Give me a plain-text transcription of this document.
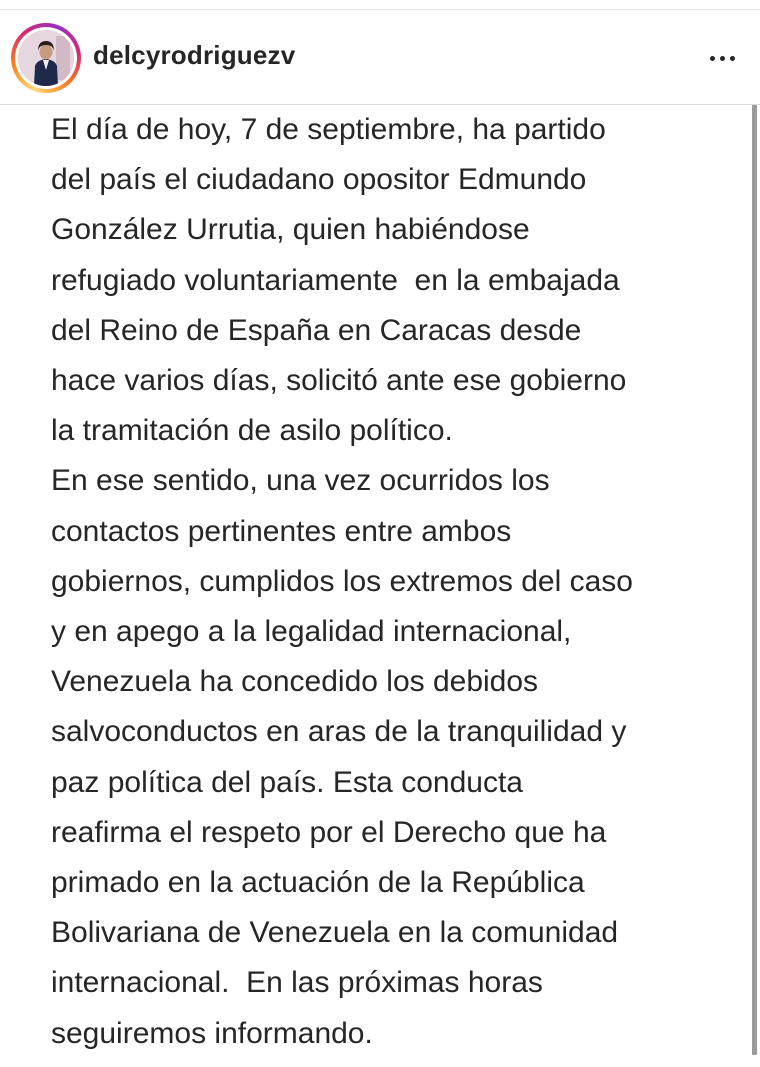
delcyrodriguezv
El día de hoy, 7 de septiembre, ha partido
del país el ciudadano opositor Edmundo
González Urrutia, quien habiéndose
refugiado voluntariamente  en la embajada
del Reino de España en Caracas desde
hace varios días, solicitó ante ese gobierno
la tramitación de asilo político.
En ese sentido, una vez ocurridos los
contactos pertinentes entre ambos
gobiernos, cumplidos los extremos del caso
y en apego a la legalidad internacional,
Venezuela ha concedido los debidos
salvoconductos en aras de la tranquilidad y
paz política del país. Esta conducta
reafirma el respeto por el Derecho que ha
primado en la actuación de la República
Bolivariana de Venezuela en la comunidad
internacional.  En las próximas horas
seguiremos informando.
